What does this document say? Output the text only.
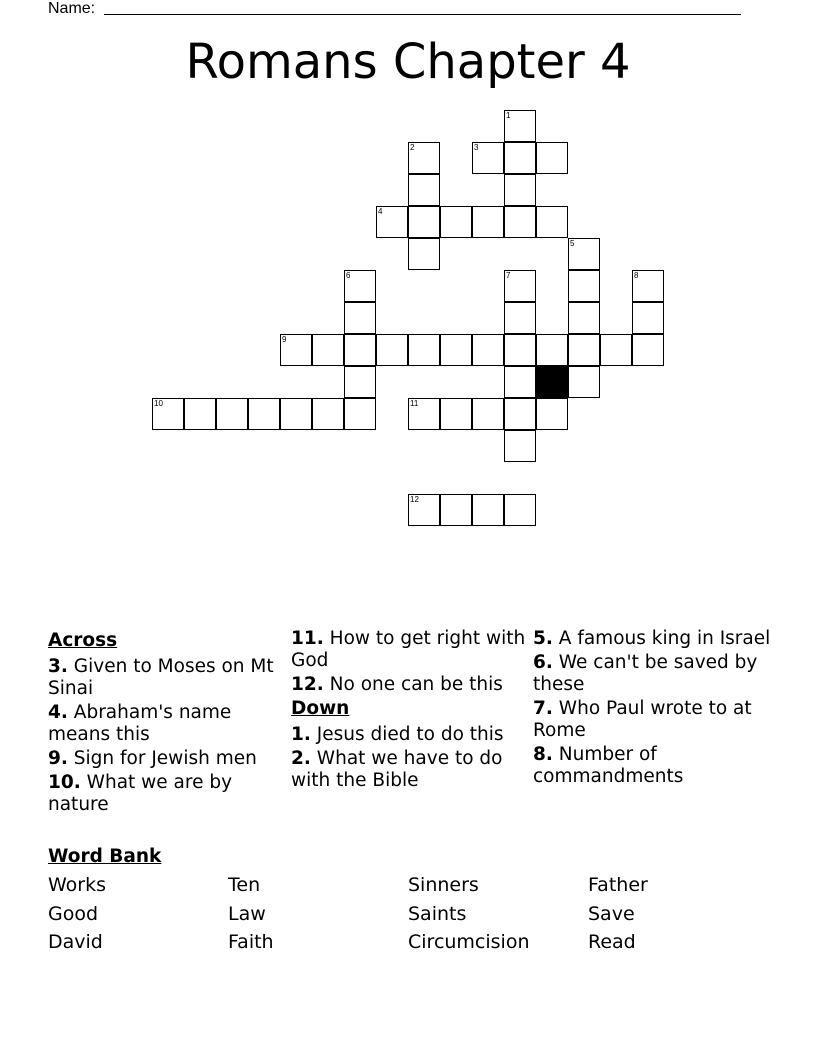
Name:
Romans Chapter 4
1
2	3
4
5
6	7	8
9
10	11
12
Across
3. Given to Moses on Mt Sinai
4. Abraham's name means this
9. Sign for Jewish men
10. What we are by nature
11. How to get right with God
12. No one can be this
Down
1. Jesus died to do this
2. What we have to do with the Bible
5. A famous king in Israel
6. We can't be saved by these
7. Who Paul wrote to at Rome
8. Number of commandments
Word Bank
Works	Ten	Sinners	Father
Good	Law	Saints	Save
David	Faith	Circumcision	Read
